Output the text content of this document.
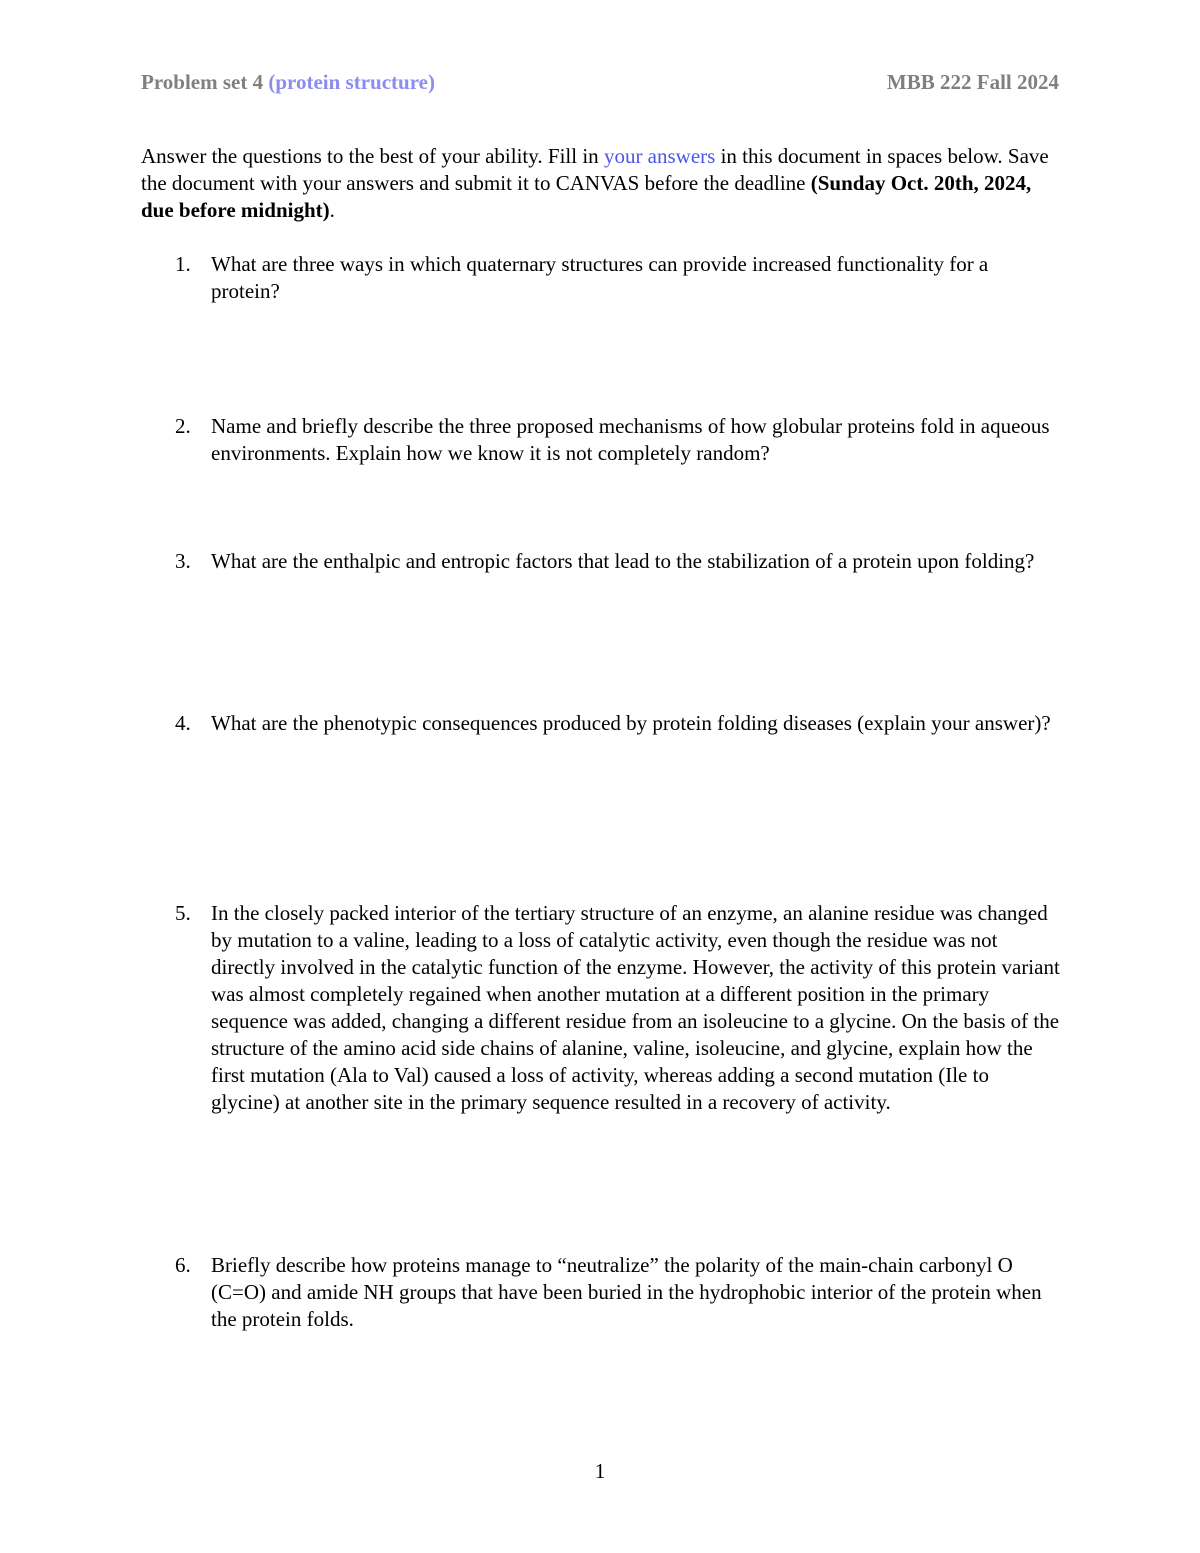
Problem set 4 (protein structure)	MBB 222 Fall 2024
Answer the questions to the best of your ability. Fill in your answers in this document in spaces below. Save the document with your answers and submit it to CANVAS before the deadline (Sunday Oct. 20th, 2024, due before midnight).
1. What are three ways in which quaternary structures can provide increased functionality for a protein?
2. Name and briefly describe the three proposed mechanisms of how globular proteins fold in aqueous environments. Explain how we know it is not completely random?
3. What are the enthalpic and entropic factors that lead to the stabilization of a protein upon folding?
4. What are the phenotypic consequences produced by protein folding diseases (explain your answer)?
5. In the closely packed interior of the tertiary structure of an enzyme, an alanine residue was changed by mutation to a valine, leading to a loss of catalytic activity, even though the residue was not directly involved in the catalytic function of the enzyme. However, the activity of this protein variant was almost completely regained when another mutation at a different position in the primary sequence was added, changing a different residue from an isoleucine to a glycine. On the basis of the structure of the amino acid side chains of alanine, valine, isoleucine, and glycine, explain how the first mutation (Ala to Val) caused a loss of activity, whereas adding a second mutation (Ile to glycine) at another site in the primary sequence resulted in a recovery of activity.
6. Briefly describe how proteins manage to “neutralize” the polarity of the main-chain carbonyl O (C=O) and amide NH groups that have been buried in the hydrophobic interior of the protein when the protein folds.
1
